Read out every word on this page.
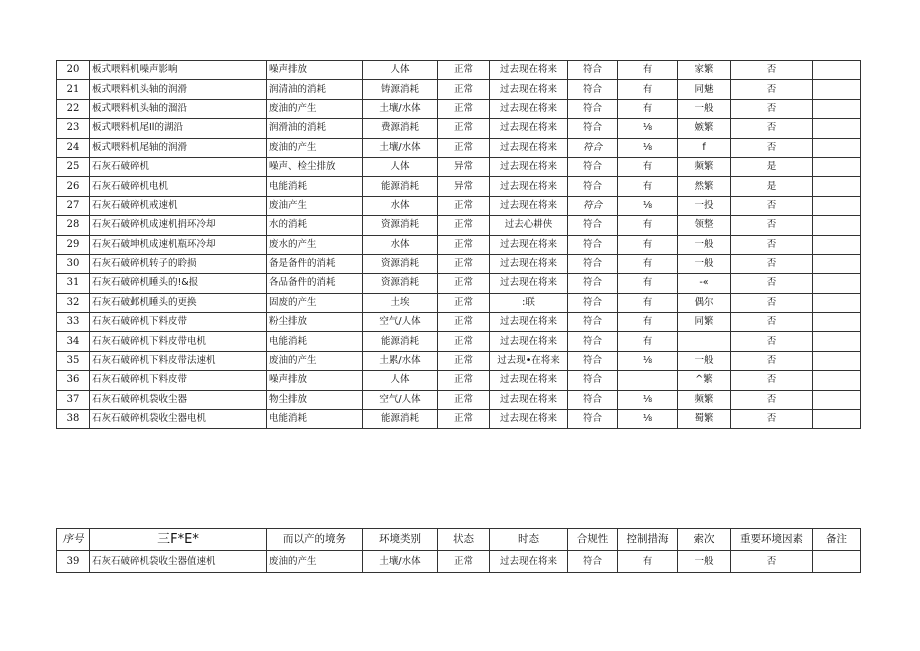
20	板式喂料机噪声影响	噪声排放	人体	正常	过去现在将来	符合	有	家繁	否	
21	板式喂料机头轴的润滑	润清油的消耗	铸源消耗	正常	过去现在将来	符合	有	同魅	否	
22	板式喂料机头轴的溜沿	废油的产生	土壤/水体	正常	过去现在将来	符合	有	一般	否	
23	板式喂料机尾Il的湖沿	润滑油的消耗	费源消耗	正常	过去现在将来	符合	⅛	嫉繁	否	
24	板式喂料机尾轴的润滑	废油的产生	土壤/水体	正常	过去现在将来	符合	⅛	f	否	
25	石灰石破碎机	噪声、检尘排放	人体	异常	过去现在将来	符合	有	频繁	是	
26	石灰石破碎机电机	电能消耗	能源消耗	异常	过去现在将来	符合	有	然繁	是	
27	石灰石破碎机戒速机	废油产生	水体	正常	过去现在将来	符合	⅛	一投	否	
28	石灰石破碎机成速机捐环冷却	水的消耗	资源消耗	正常	过去心耕侠	符合	有	领整	否	
29	石灰石破坤机成速机瓶环冷却	废水的产生	水体	正常	过去现在将来	符合	有	一般	否	
30	石灰石破碎机转子的聆损	备是备件的消耗	资源消耗	正常	过去现在将来	符合	有	一般	否	
31	石灰石破碎机睡头的!&报	各品备件的消耗	资源消耗	正常	过去现在将来	符合	有	-«	否	
32	石灰石破邺机睡头的更换	固废的产生	土埃	正常	:联	符合	有	偶尔	否	
33	石灰石破碎机下料皮带	粉尘排放	空气/人体	正常	过去现在将来	符合	有	同繁	否	
34	石灰石破碎机下料皮带电机	电能消耗	能源消耗	正常	过去现在将来	符合	有		否	
35	石灰石破碎机下料皮带法速机	废油的产生	土累/水体	正常	过去现•在将来	符合	⅛	一般	否	
36	石灰石破碎机下料皮带	噪声排放	人体	正常	过去现在将来	符合		^繁	否	
37	石灰石破碎机袋收尘器	物尘排放	空气/人体	正常	过去现在将来	符合	⅛	频繁	否	
38	石灰石破碎机袋收尘器电机	电能消耗	能源消耗	正常	过去现在将来	符合	⅛	蜀繁	否	
序号	三F*E*	而以产的境务	环境类别	状态	时态	合规性	控制措海	索次	重要环境因素	备注
39	石灰石破碎机袋收尘器值速机	废油的产生	土壤/水体	正常	过去现在将来	符合	有	一般	否	
